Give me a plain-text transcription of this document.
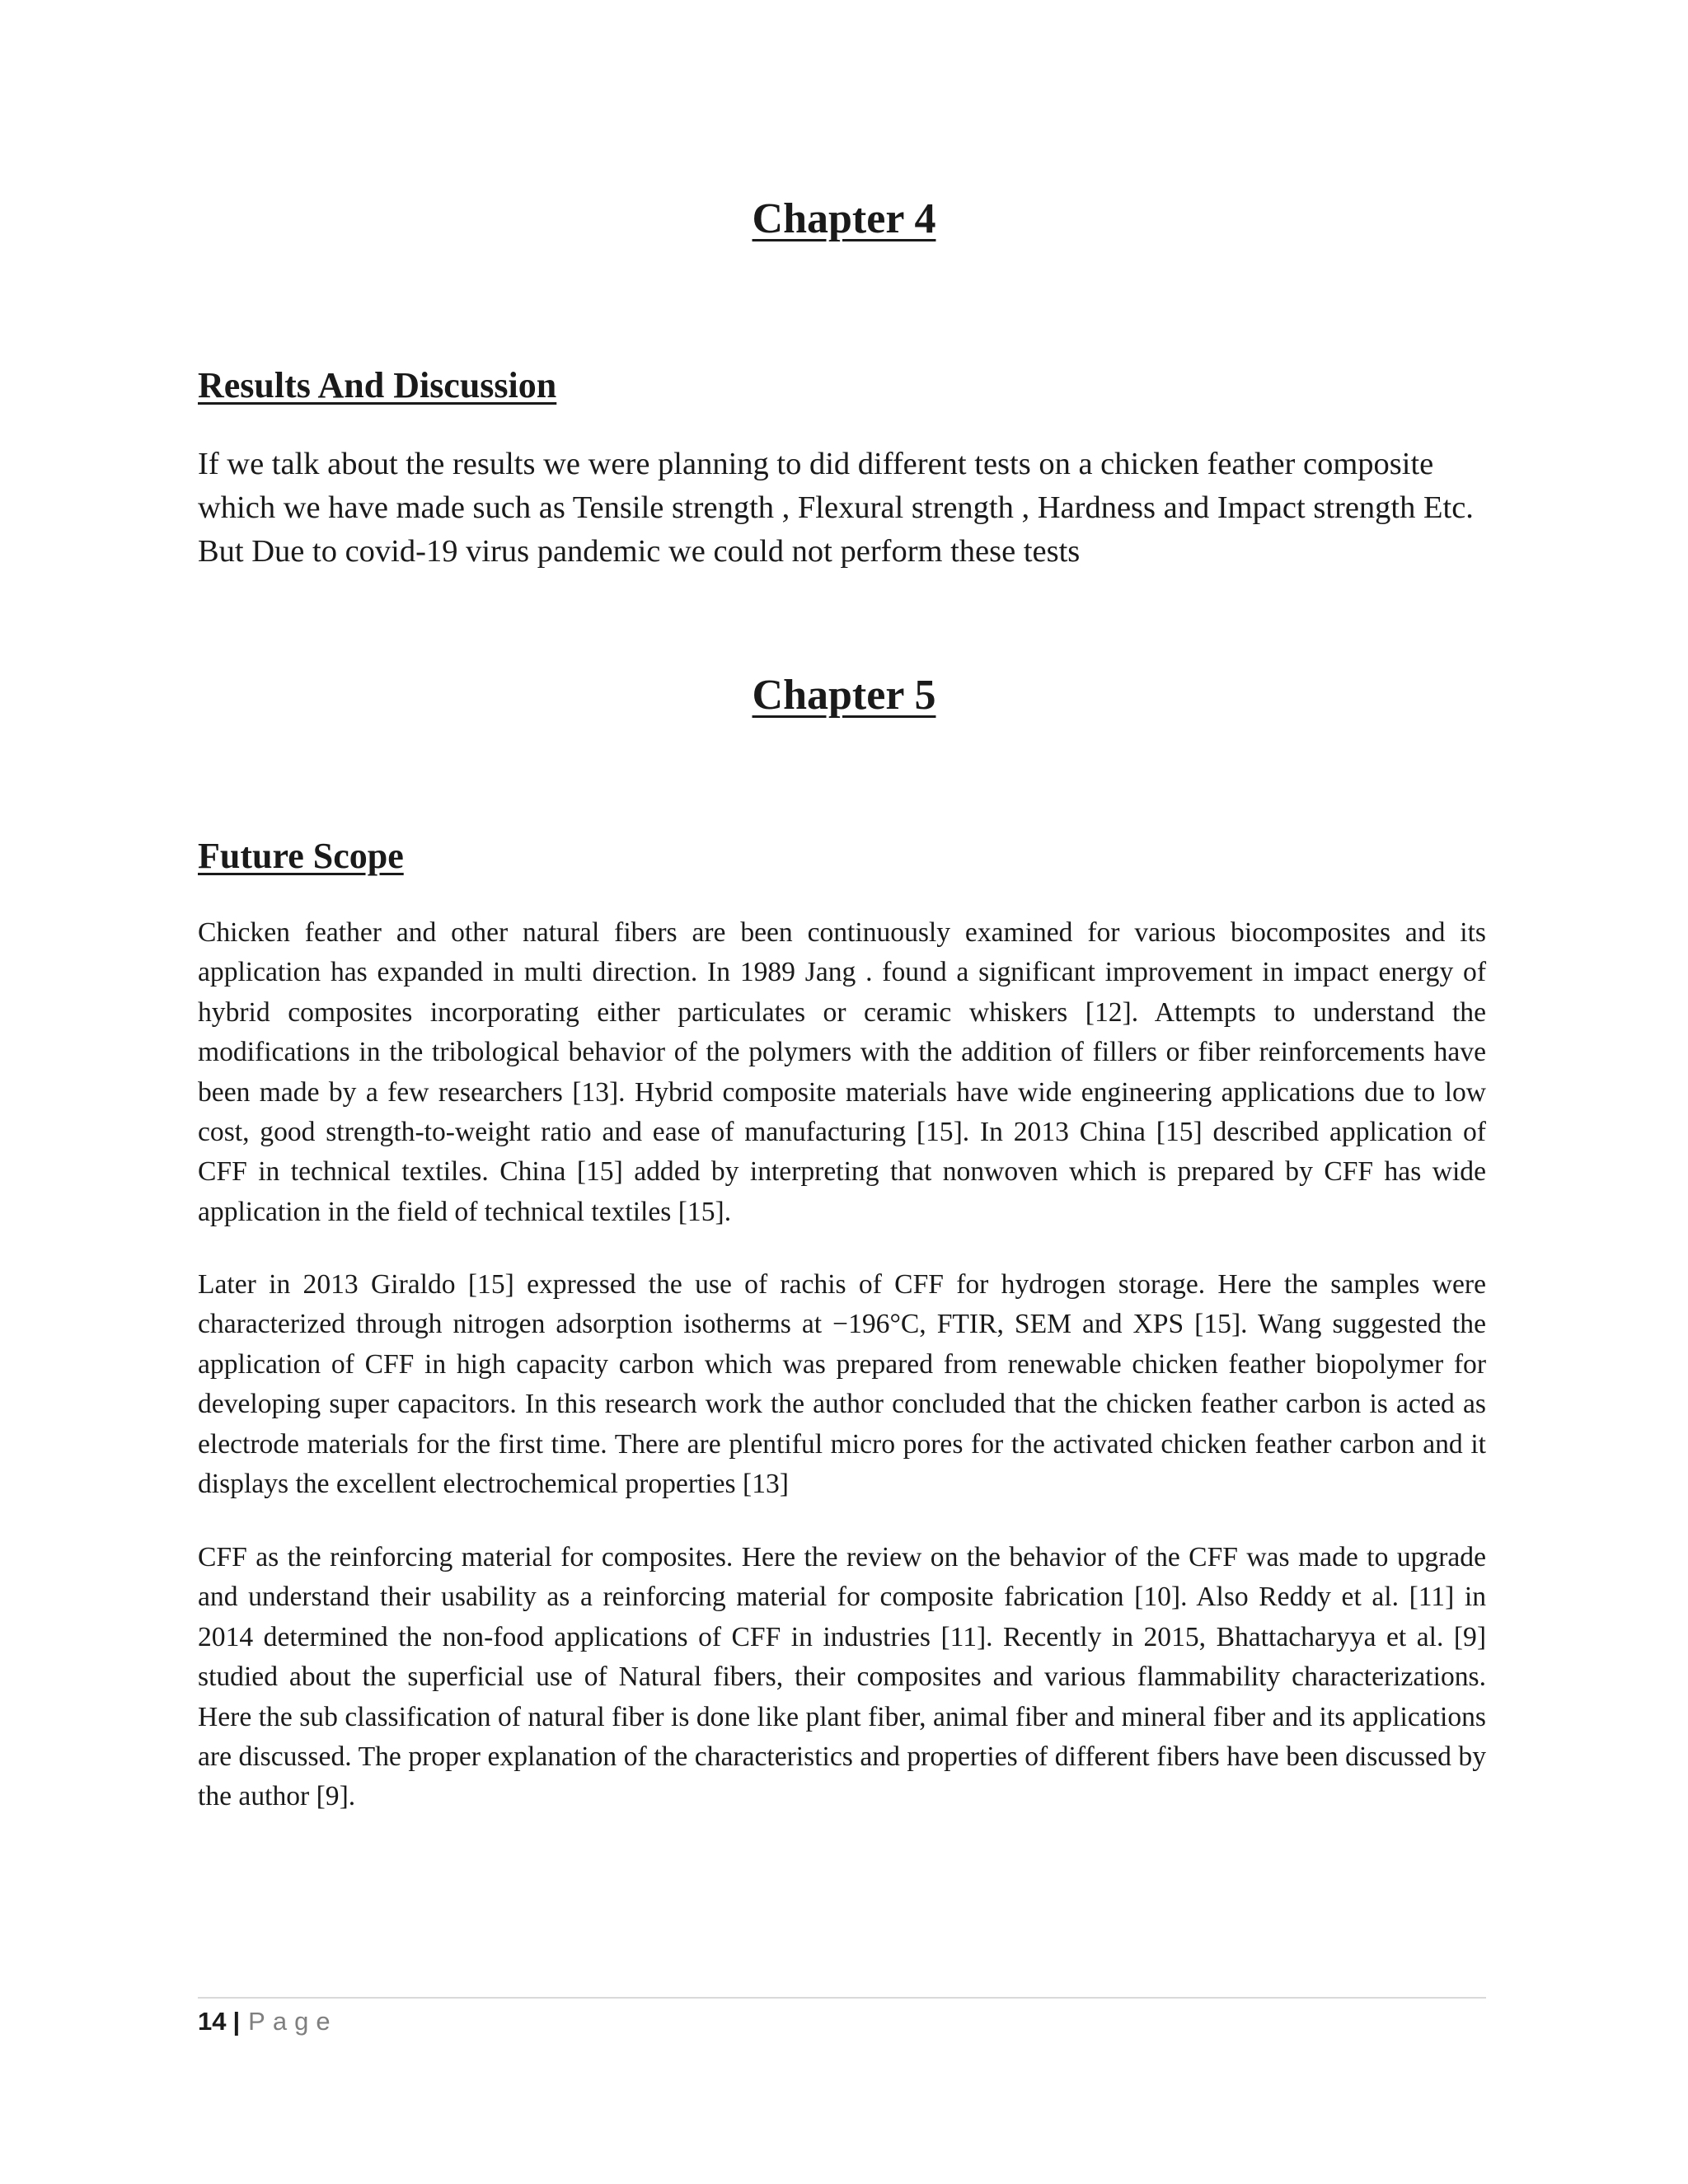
Chapter 4
Results And Discussion

If we talk about the results we were planning to did different tests on a chicken feather composite which we have made such as Tensile strength , Flexural strength , Hardness and Impact strength Etc. But Due to covid-19 virus pandemic we could not perform these tests

Chapter 5
Future Scope

Chicken feather and other natural fibers are been continuously examined for various biocomposites and its application has expanded in multi direction. In 1989 Jang . found a significant improvement in impact energy of hybrid composites incorporating either particulates or ceramic whiskers [12]. Attempts to understand the modifications in the tribological behavior of the polymers with the addition of fillers or fiber reinforcements have been made by a few researchers [13]. Hybrid composite materials have wide engineering applications due to low cost, good strength-to-weight ratio and ease of manufacturing [15]. In 2013 China [15] described application of CFF in technical textiles. China [15] added by interpreting that nonwoven which is prepared by CFF has wide application in the field of technical textiles [15].

Later in 2013 Giraldo [15] expressed the use of rachis of CFF for hydrogen storage. Here the samples were characterized through nitrogen adsorption isotherms at −196°C, FTIR, SEM and XPS [15]. Wang suggested the application of CFF in high capacity carbon which was prepared from renewable chicken feather biopolymer for developing super capacitors. In this research work the author concluded that the chicken feather carbon is acted as electrode materials for the first time. There are plentiful micro pores for the activated chicken feather carbon and it displays the excellent electrochemical properties [13]

CFF as the reinforcing material for composites. Here the review on the behavior of the CFF was made to upgrade and understand their usability as a reinforcing material for composite fabrication [10]. Also Reddy et al. [11] in 2014 determined the non-food applications of CFF in industries [11]. Recently in 2015, Bhattacharyya et al. [9] studied about the superficial use of Natural fibers, their composites and various flammability characterizations. Here the sub classification of natural fiber is done like plant fiber, animal fiber and mineral fiber and its applications are discussed. The proper explanation of the characteristics and properties of different fibers have been discussed by the author [9].

14 | Page
